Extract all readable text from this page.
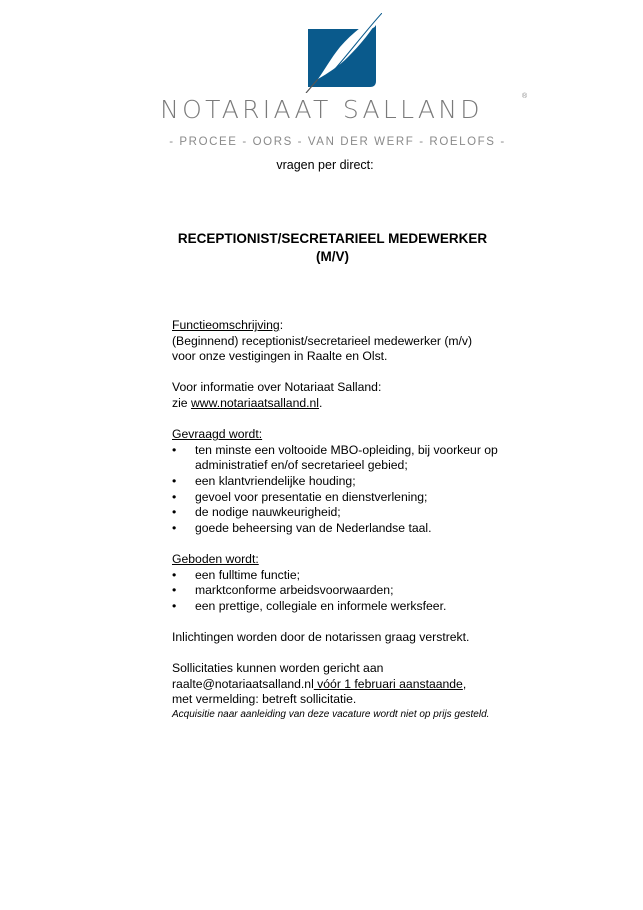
NOTARIAAT SALLAND	®
- PROCEE - OORS - VAN DER WERF - ROELOFS -
vragen per direct:
RECEPTIONIST/SECRETARIEEL MEDEWERKER
(M/V)

Functieomschrijving:

(Beginnend) receptionist/secretarieel medewerker (m/v)

voor onze vestigingen in Raalte en Olst.

Voor informatie over Notariaat Salland:

zie www.notariaatsalland.nl.

Gevraagd wordt:

• ten minste een voltooide MBO-opleiding, bij voorkeur op administratief en/of secretarieel gebied;
• een klantvriendelijke houding;
• gevoel voor presentatie en dienstverlening;
• de nodige nauwkeurigheid;
• goede beheersing van de Nederlandse taal.

Geboden wordt:

• een fulltime functie;
• marktconforme arbeidsvoorwaarden;
• een prettige, collegiale en informele werksfeer.

Inlichtingen worden door de notarissen graag verstrekt.

Sollicitaties kunnen worden gericht aan

raalte@notariaatsalland.nl vóór 1 februari aanstaande,

met vermelding: betreft sollicitatie.

Acquisitie naar aanleiding van deze vacature wordt niet op prijs gesteld.
